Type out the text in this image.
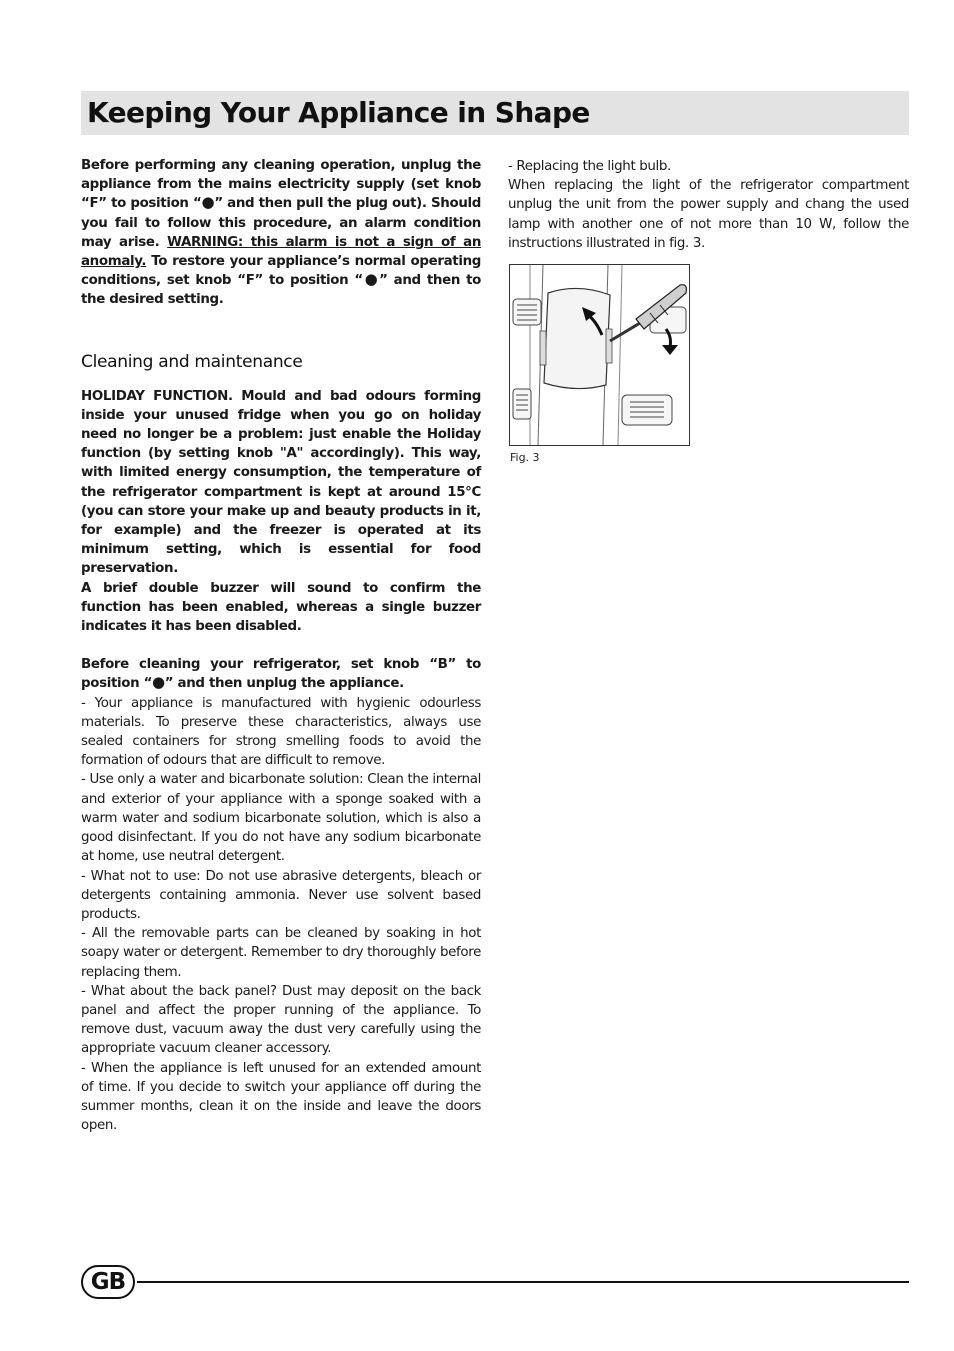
Keeping Your Appliance in Shape

Before performing any cleaning operation, unplug the appliance from the mains electricity supply (set knob “F” to position “●” and then pull the plug out). Should you fail to follow this procedure, an alarm condition may arise. WARNING: this alarm is not a sign of an anomaly. To restore your appliance’s normal operating conditions, set knob “F” to position “●” and then to the desired setting.

Cleaning and maintenance

HOLIDAY FUNCTION. Mould and bad odours forming inside your unused fridge when you go on holiday need no longer be a problem: just enable the Holiday function (by setting knob "A" accordingly). This way, with limited energy consumption, the temperature of the refrigerator compartment is kept at around 15°C (you can store your make up and beauty products in it, for example) and the freezer is operated at its minimum setting, which is essential for food preservation.

A brief double buzzer will sound to confirm the function has been enabled, whereas a single buzzer indicates it has been disabled.

Before cleaning your refrigerator, set knob “B” to position “●” and then unplug the appliance.

- Your appliance is manufactured with hygienic odourless materials. To preserve these characteristics, always use sealed containers for strong smelling foods to avoid the formation of odours that are difficult to remove.

- Use only a water and bicarbonate solution: Clean the internal and exterior of your appliance with a sponge soaked with a warm water and sodium bicarbonate solution, which is also a good disinfectant. If you do not have any sodium bicarbonate at home, use neutral detergent.

- What not to use: Do not use abrasive detergents, bleach or detergents containing ammonia. Never use solvent based products.

- All the removable parts can be cleaned by soaking in hot soapy water or detergent. Remember to dry thoroughly before replacing them.

- What about the back panel? Dust may deposit on the back panel and affect the proper running of the appliance. To remove dust, vacuum away the dust very carefully using the appropriate vacuum cleaner accessory.

- When the appliance is left unused for an extended amount of time. If you decide to switch your appliance off during the summer months, clean it on the inside and leave the doors open.

- Replacing the light bulb.

When replacing the light of the refrigerator compartment unplug the unit from the power supply and chang the used lamp with another one of not more than 10 W, follow the instructions illustrated in fig. 3.

Fig. 3
GB
